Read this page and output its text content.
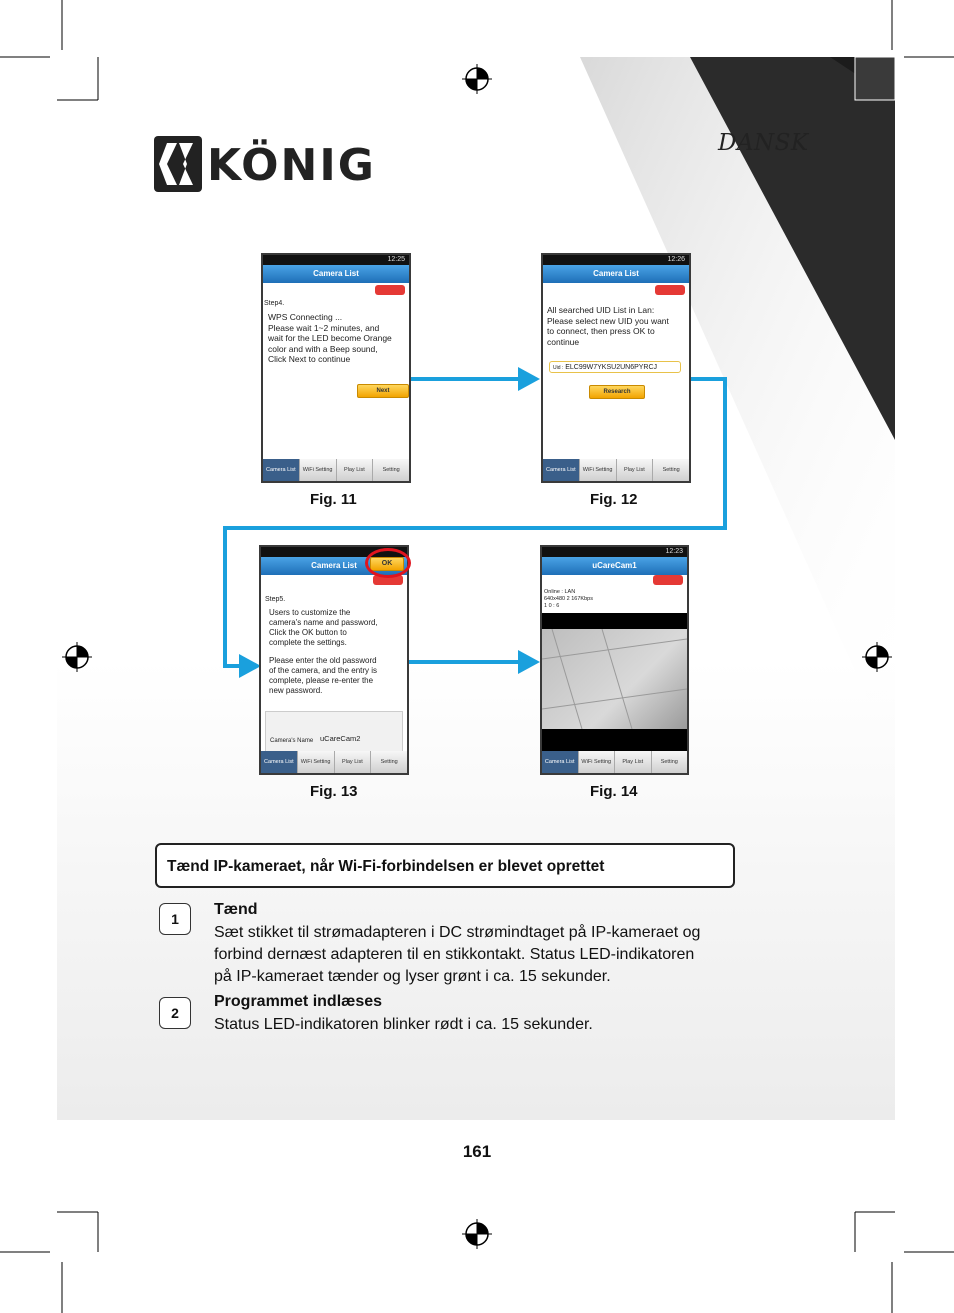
DANSK
KÖNIG
12:25
Camera List
Step4.
WPS Connecting ...
Please wait 1~2 minutes, and
wait for the LED become Orange
color and with a Beep sound,
Click Next to continue
Next
Camera List	WiFi Setting	Play List	Setting
Fig. 11
12:26
Camera List
All searched UID List in Lan:
Please select new UID you want
to connect, then press OK to
continue
Uid : ELC99W7YKSU2UN6PYRCJ
Research
Camera List	WiFi Setting	Play List	Setting
Fig. 12
Camera List
Step5.
Users to customize the
camera's name and password,
Click the OK button to
complete the settings.
Please enter the old password
of the camera, and the entry is
complete, please re-enter the
new password.
Camera's Name uCareCam2
Camera List	WiFi Setting	Play List	Setting
OK
Fig. 13
12:23
uCareCam1
Online : LAN
640x480 2 167Kbps
1 0 : 6
Camera List	WiFi Setting	Play List	Setting
Fig. 14
Tænd IP-kameraet, når Wi-Fi-forbindelsen er blevet oprettet
1
Tænd
Sæt stikket til strømadapteren i DC strømindtaget på IP-kameraet og
forbind dernæst adapteren til en stikkontakt. Status LED-indikatoren
på IP-kameraet tænder og lyser grønt i ca. 15 sekunder.
2
Programmet indlæses
Status LED-indikatoren blinker rødt i ca. 15 sekunder.
161
